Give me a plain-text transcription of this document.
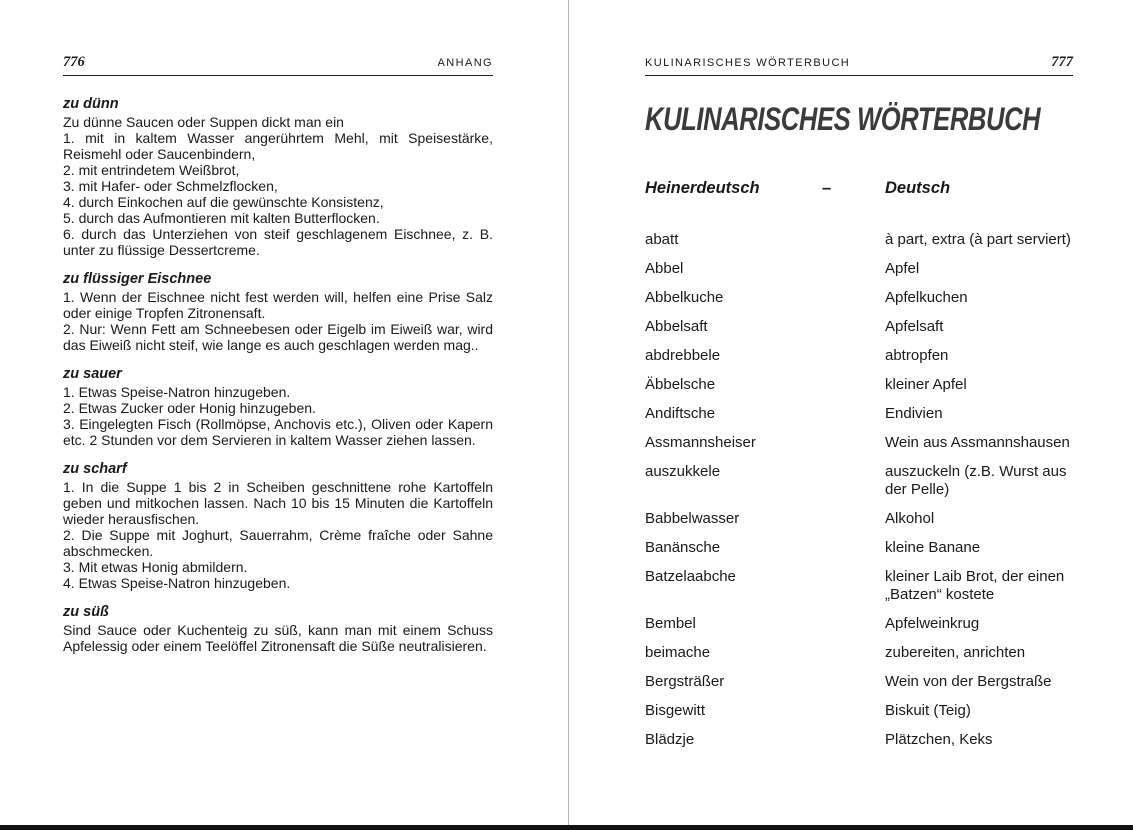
776	ANHANG
zu dünn

Zu dünne Saucen oder Suppen dickt man ein

1. mit in kaltem Wasser angerührtem Mehl, mit Speisestärke, Reismehl oder Saucenbindern,

2. mit entrindetem Weißbrot,

3. mit Hafer- oder Schmelzflocken,

4. durch Einkochen auf die gewünschte Konsistenz,

5. durch das Aufmontieren mit kalten Butterflocken.

6. durch das Unterziehen von steif geschlagenem Eischnee, z. B. unter zu flüssige Dessertcreme.

zu flüssiger Eischnee

1. Wenn der Eischnee nicht fest werden will, helfen eine Prise Salz oder einige Tropfen Zitronensaft.

2. Nur: Wenn Fett am Schneebesen oder Eigelb im Eiweiß war, wird das Eiweiß nicht steif, wie lange es auch geschlagen werden mag..

zu sauer

1. Etwas Speise-Natron hinzugeben.

2. Etwas Zucker oder Honig hinzugeben.

3. Eingelegten Fisch (Rollmöpse, Anchovis etc.), Oliven oder Kapern etc. 2 Stunden vor dem Servieren in kaltem Wasser ziehen lassen.

zu scharf

1. In die Suppe 1 bis 2 in Scheiben geschnittene rohe Kartoffeln geben und mitkochen lassen. Nach 10 bis 15 Minuten die Kartoffeln wieder herausfischen.

2. Die Suppe mit Joghurt, Sauerrahm, Crème fraîche oder Sahne abschmecken.

3. Mit etwas Honig abmildern.

4. Etwas Speise-Natron hinzugeben.

zu süß

Sind Sauce oder Kuchenteig zu süß, kann man mit einem Schuss Apfelessig oder einem Teelöffel Zitronensaft die Süße neutralisieren.

KULINARISCHES WÖRTERBUCH	777
KULINARISCHES WÖRTERBUCH
Heinerdeutsch	–	Deutsch
abatt	à part, extra (à part serviert)
Abbel	Apfel
Abbelkuche	Apfelkuchen
Abbelsaft	Apfelsaft
abdrebbele	abtropfen
Äbbelsche	kleiner Apfel
Andiftsche	Endivien
Assmannsheiser	Wein aus Assmannshausen
auszukkele	auszuckeln (z.B. Wurst aus der Pelle)
Babbelwasser	Alkohol
Banänsche	kleine Banane
Batzelaabche	kleiner Laib Brot, der einen „Batzen“ kostete
Bembel	Apfelweinkrug
beimache	zubereiten, anrichten
Bergsträßer	Wein von der Bergstraße
Bisgewitt	Biskuit (Teig)
Blädzje	Plätzchen, Keks
